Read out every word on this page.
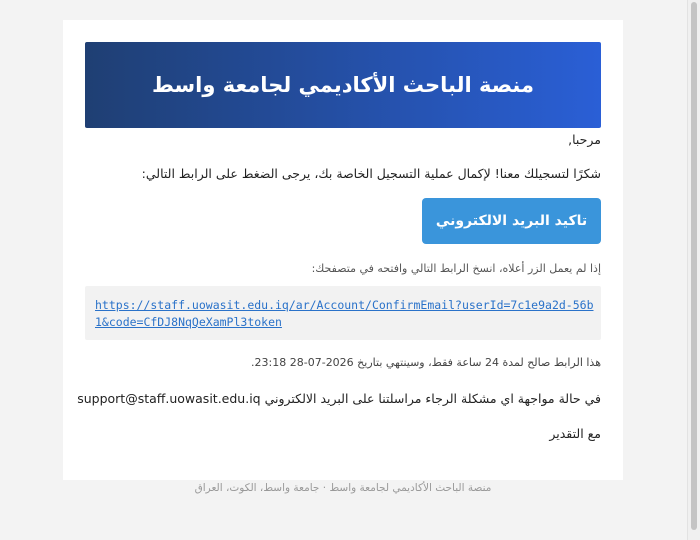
منصة الباحث الأكاديمي لجامعة واسط
مرحبا,
شكرًا لتسجيلك معنا! لإكمال عملية التسجيل الخاصة بك، يرجى الضغط على الرابط التالي:
تاكيد البريد الالكتروني
إذا لم يعمل الزر أعلاه، انسخ الرابط التالي وافتحه في متصفحك:
https://staff.uowasit.edu.iq/ar/Account/ConfirmEmail?userId=7c1e9a2d-56b1&code=CfDJ8NqQeXamPl3token
هذا الرابط صالح لمدة 24 ساعة فقط، وسينتهي بتاريخ 2026-07-28 23:18.
في حالة مواجهة اي مشكلة الرجاء مراسلتنا على البريد الالكتروني support@staff.uowasit.edu.iq
مع التقدير
منصة الباحث الأكاديمي لجامعة واسط · جامعة واسط، الكوت، العراق
